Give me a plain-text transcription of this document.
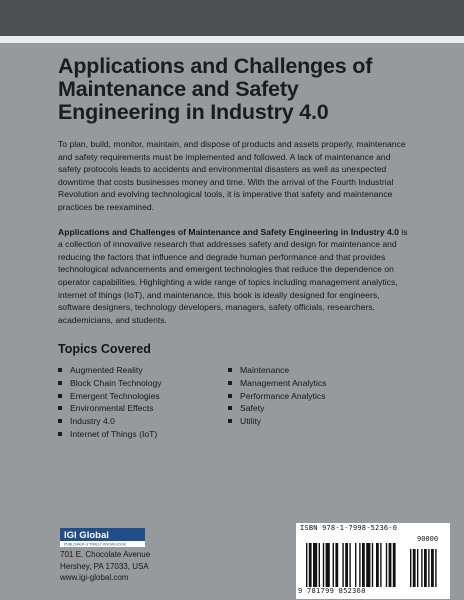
Applications and Challenges of Maintenance and Safety Engineering in Industry 4.0
To plan, build, monitor, maintain, and dispose of products and assets properly, maintenance and safety requirements must be implemented and followed. A lack of maintenance and safety protocols leads to accidents and environmental disasters as well as unexpected downtime that costs businesses money and time. With the arrival of the Fourth Industrial Revolution and evolving technological tools, it is imperative that safety and maintenance practices be reexamined.
Applications and Challenges of Maintenance and Safety Engineering in Industry 4.0 is a collection of innovative research that addresses safety and design for maintenance and reducing the factors that influence and degrade human performance and that provides technological advancements and emergent technologies that reduce the dependence on operator capabilities. Highlighting a wide range of topics including management analytics, internet of things (IoT), and maintenance, this book is ideally designed for engineers, software designers, technology developers, managers, safety officials, researchers, academicians, and students.
Topics Covered
Augmented Reality
Block Chain Technology
Emergent Technologies
Environmental Effects
Industry 4.0
Internet of Things (IoT)
Maintenance
Management Analytics
Performance Analytics
Safety
Utility
IGI Global
PUBLISHER of TIMELY KNOWLEDGE
701 E. Chocolate Avenue
Hershey, PA 17033, USA
www.igi-global.com
ISBN 978-1-7998-5236-0
90000
9 781799 852360
